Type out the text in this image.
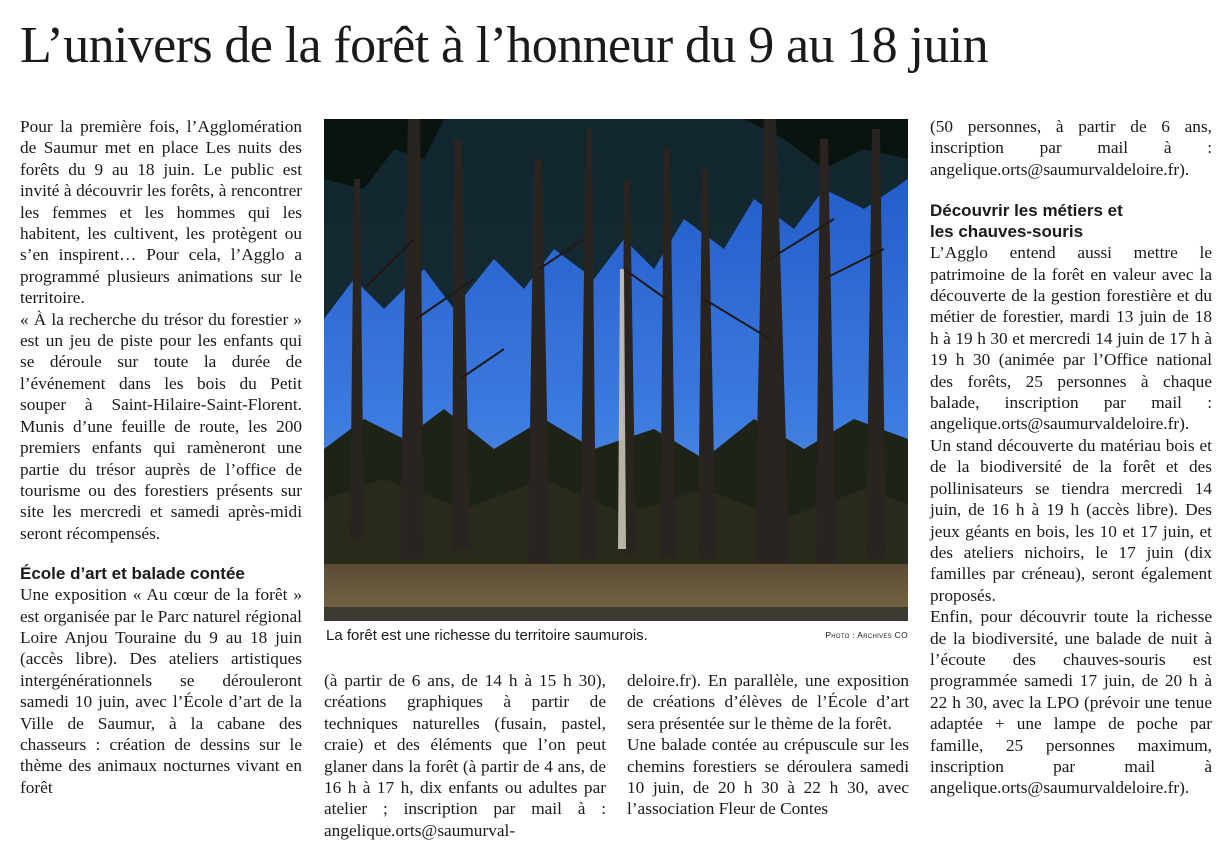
L’univers de la forêt à l’honneur du 9 au 18 juin

Pour la première fois, l’Agglomération de Saumur met en place Les nuits des forêts du 9 au 18 juin. Le public est invité à découvrir les forêts, à rencontrer les femmes et les hommes qui les habitent, les cultivent, les protègent ou s’en inspirent… Pour cela, l’Agglo a programmé plusieurs animations sur le territoire.

« À la recherche du trésor du forestier » est un jeu de piste pour les enfants qui se déroule sur toute la durée de l’événement dans les bois du Petit souper à Saint-Hilaire-Saint-Florent. Munis d’une feuille de route, les 200 premiers enfants qui ramèneront une partie du trésor auprès de l’office de tourisme ou des forestiers présents sur site les mercredi et samedi après-midi seront récompensés.

École d’art et balade contée

Une exposition « Au cœur de la forêt » est organisée par le Parc naturel régional Loire Anjou Touraine du 9 au 18 juin (accès libre). Des ateliers artistiques intergénérationnels se dérouleront samedi 10 juin, avec l’École d’art de la Ville de Saumur, à la cabane des chasseurs : création de dessins sur le thème des animaux nocturnes vivant en forêt

La forêt est une richesse du territoire saumurois.	Photo : Archives CO

(à partir de 6 ans, de 14 h à 15 h 30), créations graphiques à partir de techniques naturelles (fusain, pastel, craie) et des éléments que l’on peut glaner dans la forêt (à partir de 4 ans, de 16 h à 17 h, dix enfants ou adultes par atelier ; inscription par mail à : angelique.orts@saumurval-

deloire.fr). En parallèle, une exposition de créations d’élèves de l’École d’art sera présentée sur le thème de la forêt.

Une balade contée au crépuscule sur les chemins forestiers se déroulera samedi 10 juin, de 20 h 30 à 22 h 30, avec l’association Fleur de Contes

(50 personnes, à partir de 6 ans, inscription par mail à : angelique.orts@saumurvaldeloire.fr).

Découvrir les métiers et les chauves-souris

L’Agglo entend aussi mettre le patrimoine de la forêt en valeur avec la découverte de la gestion forestière et du métier de forestier, mardi 13 juin de 18 h à 19 h 30 et mercredi 14 juin de 17 h à 19 h 30 (animée par l’Office national des forêts, 25 personnes à chaque balade, inscription par mail : angelique.orts@saumurvaldeloire.fr). Un stand découverte du matériau bois et de la biodiversité de la forêt et des pollinisateurs se tiendra mercredi 14 juin, de 16 h à 19 h (accès libre). Des jeux géants en bois, les 10 et 17 juin, et des ateliers nichoirs, le 17 juin (dix familles par créneau), seront également proposés.

Enfin, pour découvrir toute la richesse de la biodiversité, une balade de nuit à l’écoute des chauves-souris est programmée samedi 17 juin, de 20 h à 22 h 30, avec la LPO (prévoir une tenue adaptée + une lampe de poche par famille, 25 personnes maximum, inscription par mail à angelique.orts@saumurvaldeloire.fr).
